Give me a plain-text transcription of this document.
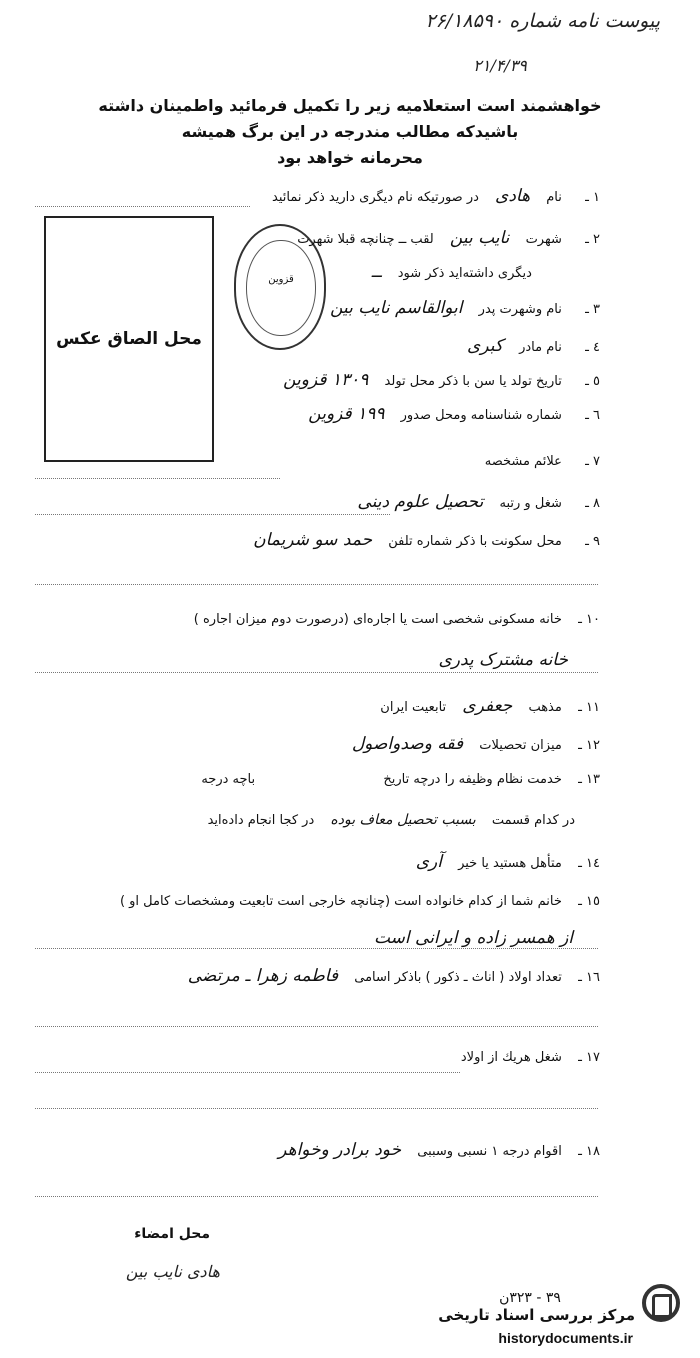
پیوست نامه شماره ۲۶/۱۸۵۹۰
۲۱/۴/۳۹
خواهشمند است استعلامیه زیر را تکمیل فرمائید واطمینان داشته
باشیدکه مطالب مندرجه در این برگ همیشه
محرمانه خواهد بود
محل الصاق عکس
قزوین
۱ ـ نام هادی در صورتیکه نام دیگری دارید ذکر نمائید
۲ ـ شهرت نایب بین لقب ــ چنانچه قبلا شهرت
دیگری داشته‌اید ذکر شود ــ
۳ ـ نام وشهرت پدر ابوالقاسم نایب بین
٤ ـ نام مادر کبری
٥ ـ تاریخ تولد یا سن با ذکر محل تولد ۱۳۰۹ قزوین
٦ ـ شماره شناسنامه ومحل صدور ۱۹۹ قزوین
۷ ـ علائم مشخصه
۸ ـ شغل و رتبه تحصیل علوم دینی
۹ ـ محل سکونت با ذکر شماره تلفن حمد سو شریمان
۱۰ ـ خانه مسکونی شخصی است یا اجاره‌ای (درصورت دوم میزان اجاره )
خانه مشترک پدری
۱۱ ـ مذهب جعفری تابعیت ایران
۱۲ ـ میزان تحصیلات فقه وصدواصول
۱۳ ـ خدمت نظام وظیفه را درچه تاریخ  باچه درجه
در کدام قسمت بسبب تحصیل معاف بوده در کجا انجام داده‌اید
۱٤ ـ متأهل هستید یا خیر آری
۱٥ ـ خانم شما از کدام خانواده است (چنانچه خارجی است تابعیت ومشخصات کامل او )
از همسر زاده و ایرانی است
۱٦ ـ تعداد اولاد ( اناث ـ ذکور ) باذکر اسامی فاطمه زهرا ـ مرتضی
۱۷ ـ شغل هریك از اولاد
۱۸ ـ اقوام درجه ۱ نسبی وسببی خود برادر وخواهر
محل امضاء
هادی نایب بین
۳۹ - ۳۲۳ن
مرکز بررسی اسناد تاریخی
historydocuments.ir
